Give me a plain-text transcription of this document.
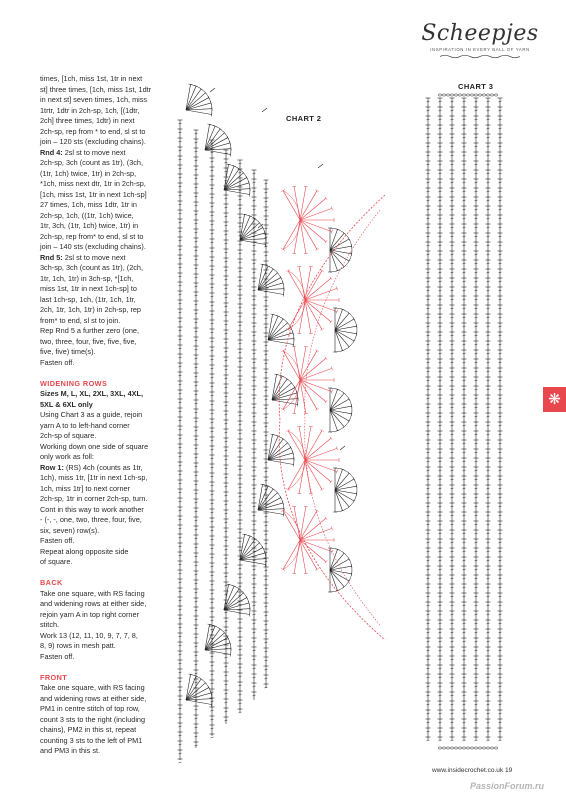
Scheepjes
INSPIRATION IN EVERY BALL OF YARN

times, [1ch, miss 1st, 1tr in next

st] three times, [1ch, miss 1st, 1dtr

in next st] seven times, 1ch, miss

1trtr, 1dtr in 2ch-sp, 1ch, [(1dtr,

2ch] three times, 1dtr) in next

2ch-sp, rep from * to end, sl st to

join – 120 sts (excluding chains).

Rnd 4: 2sl st to move next

2ch-sp, 3ch (count as 1tr), (3ch,

(1tr, 1ch) twice, 1tr) in 2ch-sp,

*1ch, miss next dtr, 1tr in 2ch-sp,

[1ch, miss 1st, 1tr in next 1ch-sp]

27 times, 1ch, miss 1dtr, 1tr in

2ch-sp, 1ch, ((1tr, 1ch) twice,

1tr, 3ch, (1tr, 1ch) twice, 1tr) in

2ch-sp, rep from* to end, sl st to

join – 140 sts (excluding chains).

Rnd 5: 2sl st to move next

3ch-sp, 3ch (count as 1tr), (2ch,

1tr, 1ch, 1tr) in 3ch-sp, *[1ch,

miss 1st, 1tr in next 1ch-sp] to

last 1ch-sp, 1ch, (1tr, 1ch, 1tr,

2ch, 1tr, 1ch, 1tr) in 2ch-sp, rep

from* to end, sl st to join.

Rep Rnd 5 a further zero (one,

two, three, four, five, five, five,

five, five) time(s).

Fasten off.

WIDENING ROWS

Sizes M, L, XL, 2XL, 3XL, 4XL,

5XL & 6XL only

Using Chart 3 as a guide, rejoin

yarn A to to left-hand corner

2ch-sp of square.

Working down one side of square

only work as foll:

Row 1: (RS) 4ch (counts as 1tr,

1ch), miss 1tr, [1tr in next 1ch-sp,

1ch, miss 1tr] to next corner

2ch-sp, 1tr in corner 2ch-sp, turn.

Cont in this way to work another

- (-, -, one, two, three, four, five,

six, seven) row(s).

Fasten off.

Repeat along opposite side

of square.

BACK

Take one square, with RS facing

and widening rows at either side,

rejoin yarn A in top right corner

stitch.

Work 13 (12, 11, 10, 9, 7, 7, 8,

8, 9) rows in mesh patt.

Fasten off.

FRONT

Take one square, with RS facing

and widening rows at either side,

PM1 in centre stitch of top row,

count 3 sts to the right (including

chains), PM2 in this st, repeat

counting 3 sts to the left of PM1

and PM3 in this st.

CHART 2
CHART 3
❋
www.insidecrochet.co.uk 19
PassionForum.ru
